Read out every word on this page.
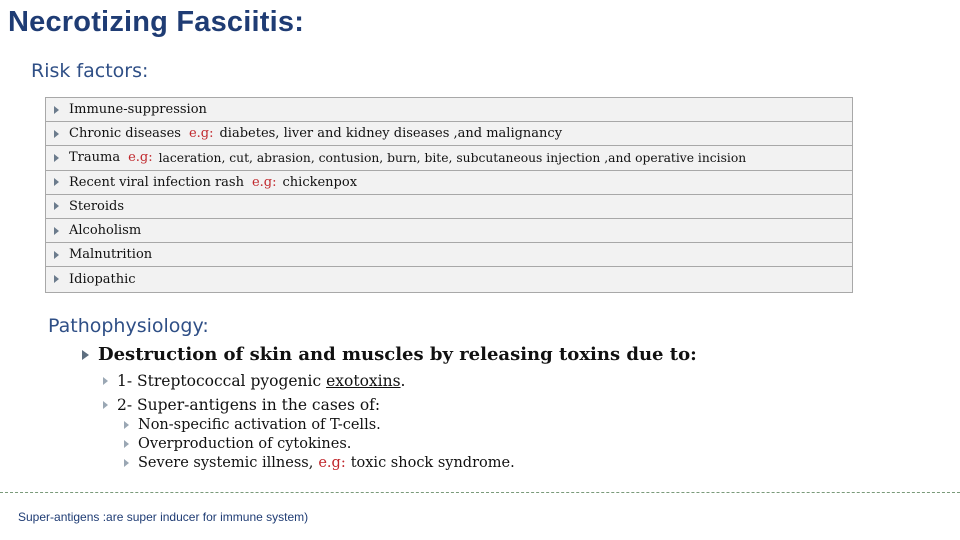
Necrotizing Fasciitis:
Risk factors:
Immune-suppression
Chronic diseases e.g: diabetes, liver and kidney diseases ,and malignancy
Trauma e.g: laceration, cut, abrasion, contusion, burn, bite, subcutaneous injection ,and operative incision
Recent viral infection rash e.g: chickenpox
Steroids
Alcoholism
Malnutrition
Idiopathic
Pathophysiology:
Destruction of skin and muscles by releasing toxins due to:
1- Streptococcal pyogenic exotoxins .
2- Super-antigens in the cases of:
Non-specific activation of T-cells.
Overproduction of cytokines.
Severe systemic illness, e.g: toxic shock syndrome.
Super-antigens :are super inducer for immune system)
